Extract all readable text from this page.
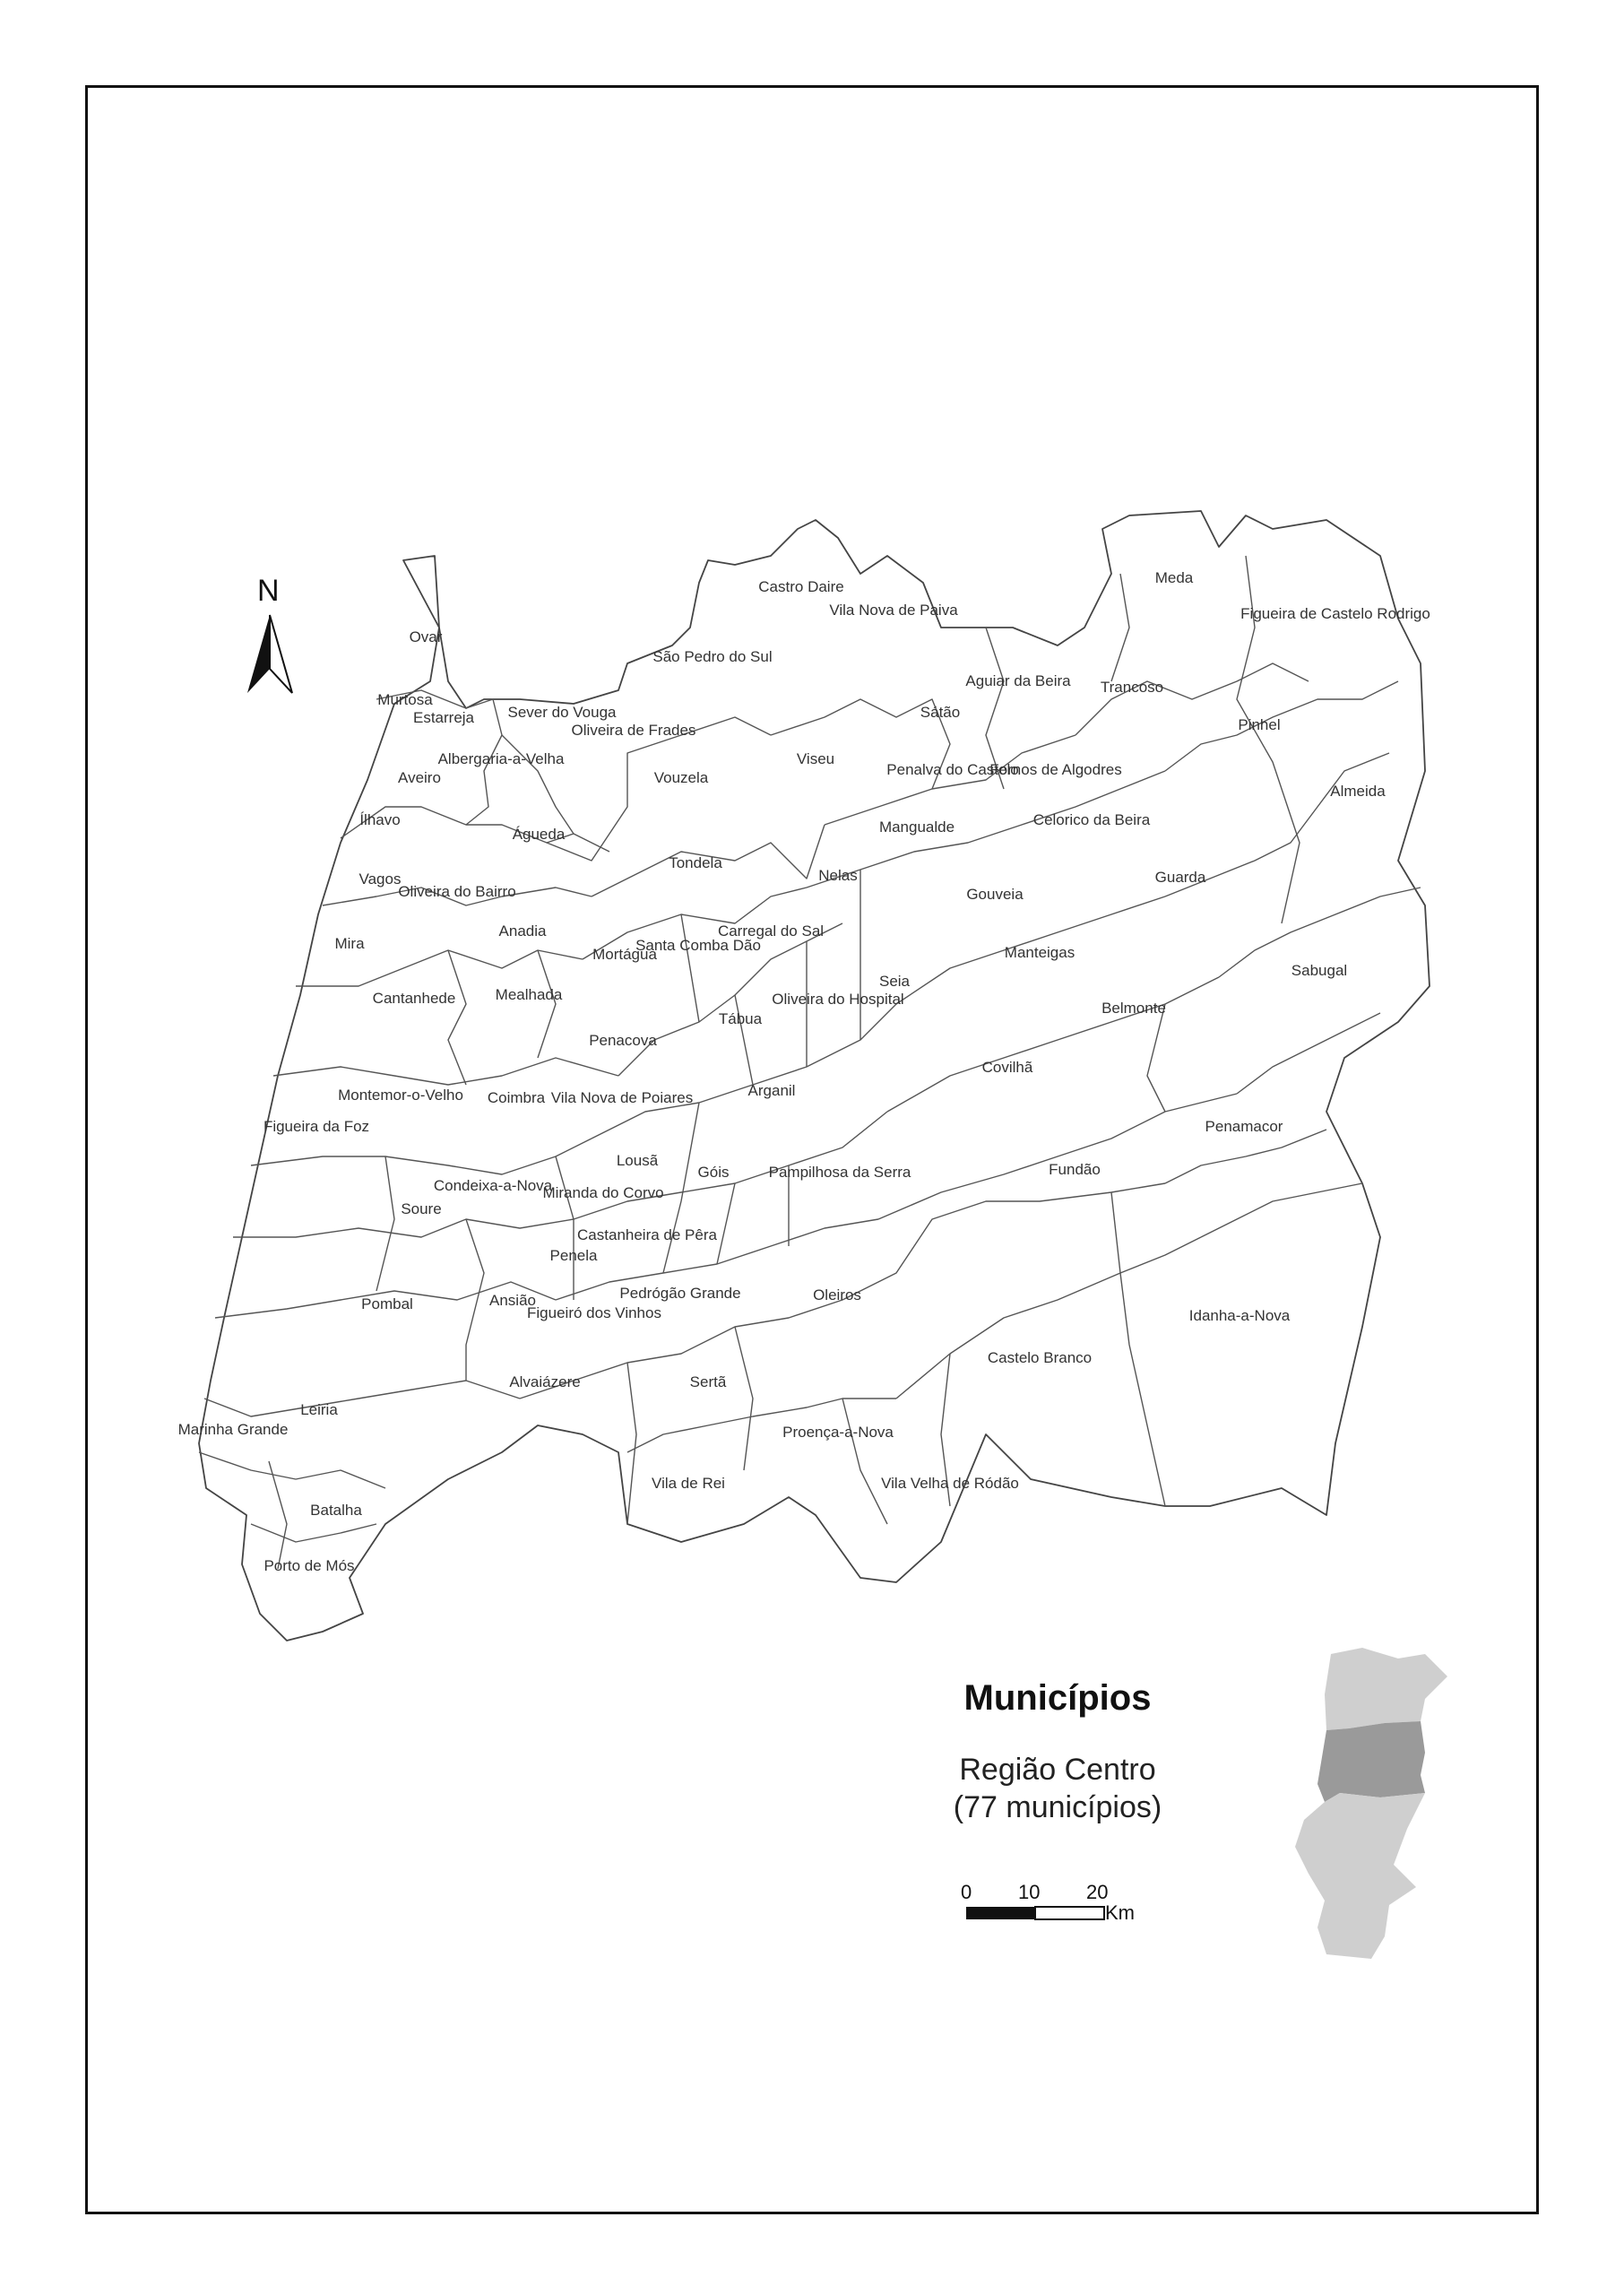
Ovar
Murtosa
Estarreja Sever do Vouga
Oliveira de Frades
Albergaria-a-Velha
Aveiro
Ílhavo
Águeda
Vagos
Oliveira do Bairro
Mira
Anadia
Cantanhede	Mealhada
Castro Daire
Vila Nova de Paiva
São Pedro do Sul
Vouzela
Viseu
Sátão
Aguiar da Beira
Meda
Trancoso
Figueira de Castelo Rodrigo
Pinhel
Almeida
Penalva do Castelo
Fornos de Algodres
Celorico da Beira
Mangualde
Tondela
Nelas
Carregal do Sal
Guarda
Gouveia
Mortágua
Santa Comba Dão
Oliveira do Hospital
Seia
Manteigas
Sabugal
Belmonte
Tábua
Penacova
Covilhã
Montemor-o-Velho Coimbra Vila Nova de Poiares	Arganil
Figueira da Foz
Lousã
Penamacor
Condeixa-a-Nova
Miranda do Corvo
Góis	Pampilhosa da Serra	Fundão
Soure
Castanheira de Pêra
Penela
Pedrógão Grande	Oleiros
Pombal	Ansião
Figueiró dos Vinhos	Idanha-a-Nova
Castelo Branco
Alvaiázere	Sertã
Leiria
Marinha Grande	Proença-a-Nova
Vila de Rei	Vila Velha de Ródão
Batalha
Porto de Mós
N
Municípios
Região Centro
(77 municípios)
0 10 20
Km
